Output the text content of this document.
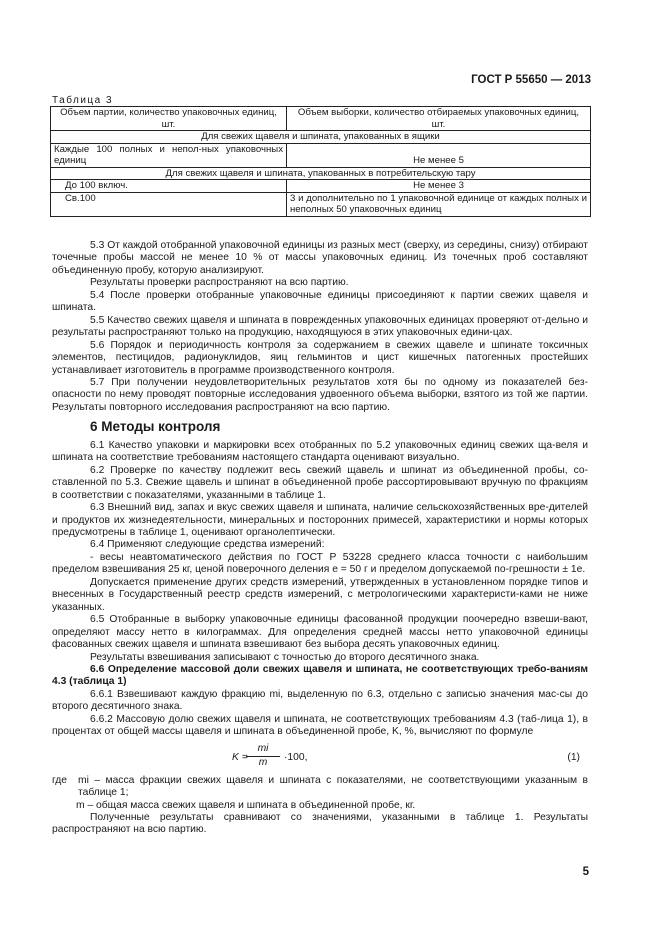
ГОСТ Р 55650 — 2013
Таблица 3
Объем партии, количество упаковочных единиц, шт.	Объем выборки, количество отбираемых упаковочных единиц, шт.
Для свежих щавеля и шпината, упакованных в ящики	
Каждые 100 полных и непол-ных упаковочных единиц	Не менее 5
Для свежих щавеля и шпината, упакованных в потребительскую тару	
До 100 включ.	Не менее 3
Св.100	3 и дополнительно по 1 упаковочной единице от каждых полных и неполных 50 упаковочных единиц

5.3 От каждой отобранной упаковочной единицы из разных мест (сверху, из середины, снизу) отбирают точечные пробы массой не менее 10 % от массы упаковочных единиц. Из точечных проб составляют объединенную пробу, которую анализируют.

Результаты проверки распространяют на всю партию.

5.4 После проверки отобранные упаковочные единицы присоединяют к партии свежих щавеля и шпината.

5.5 Качество свежих щавеля и шпината в поврежденных упаковочных единицах проверяют от-дельно и результаты распространяют только на продукцию, находящуюся в этих упаковочных едини-цах.

5.6 Порядок и периодичность контроля за содержанием в свежих щавеле и шпинате токсичных элементов, пестицидов, радионуклидов, яиц гельминтов и цист кишечных патогенных простейших устанавливает изготовитель в программе производственного контроля.

5.7 При получении неудовлетворительных результатов хотя бы по одному из показателей без-опасности по нему проводят повторные исследования удвоенного объема выборки, взятого из той же партии. Результаты повторного исследования распространяют на всю партию.

6 Методы контроля

6.1 Качество упаковки и маркировки всех отобранных по 5.2 упаковочных единиц свежих ща-веля и шпината на соответствие требованиям настоящего стандарта оценивают визуально.

6.2 Проверке по качеству подлежит весь свежий щавель и шпинат из объединенной пробы, со-ставленной по 5.3. Свежие щавель и шпинат в объединенной пробе рассортировывают вручную по фракциям в соответствии с показателями, указанными в таблице 1.

6.3 Внешний вид, запах и вкус свежих щавеля и шпината, наличие сельскохозяйственных вре-дителей и продуктов их жизнедеятельности, минеральных и посторонних примесей, характеристики и нормы которых предусмотрены в таблице 1, оценивают органолептически.

6.4 Применяют следующие средства измерений:

- весы неавтоматического действия по ГОСТ Р 53228 среднего класса точности с наибольшим пределом взвешивания 25 кг, ценой поверочного деления e = 50 г и пределом допускаемой по-грешности ± 1e.

Допускается применение других средств измерений, утвержденных в установленном порядке типов и внесенных в Государственный реестр средств измерений, с метрологическими характеристи-ками не ниже указанных.

6.5 Отобранные в выборку упаковочные единицы фасованной продукции поочередно взвеши-вают, определяют массу нетто в килограммах. Для определения средней массы нетто упаковочной единицы фасованных свежих щавеля и шпината взвешивают без выбора десять упаковочных единиц.

Результаты взвешивания записывают с точностью до второго десятичного знака.

6.6 Определение массовой доли свежих щавеля и шпината, не соответствующих требо-ваниям 4.3 (таблица 1)

6.6.1 Взвешивают каждую фракцию mi, выделенную по 6.3, отдельно с записью значения мас-сы до второго десятичного знака.

6.6.2 Массовую долю свежих щавеля и шпината, не соответствующих требованиям 4.3 (таб-лица 1), в процентах от общей массы щавеля и шпината в объединенной пробе, K, %, вычисляют по формуле

K =
$\frac{mi}{m} \cdot 100$,	(1)
где mi – масса фракции свежих щавеля и шпината с показателями, не соответствующими указанным в таблице 1;

m – общая масса свежих щавеля и шпината в объединенной пробе, кг.

Полученные результаты сравнивают со значениями, указанными в таблице 1. Результаты распространяют на всю партию.

5
